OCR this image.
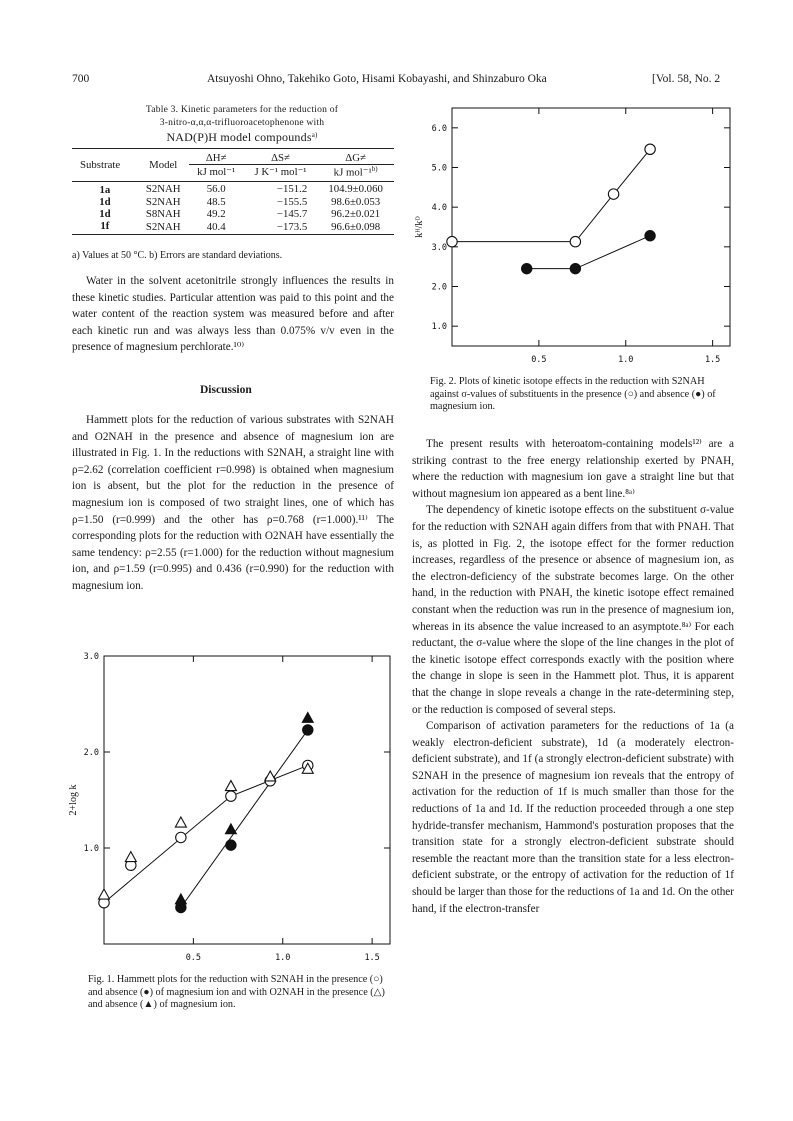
700	Atsuyoshi Ohno, Takehiko Goto, Hisami Kobayashi, and Shinzaburo Oka	[Vol. 58, No. 2
Table 3. Kinetic parameters for the reduction of
3-nitro-α,α,α-trifluoroacetophenone with
NAD(P)H model compounds$^{a)}$
Substrate	Model	ΔH≠	ΔS≠	ΔG≠
		kJ mol⁻¹	J K⁻¹ mol⁻¹	kJ mol⁻¹$^{b)}$
1a	S2NAH	56.0	−151.2	104.9±0.060
1d	S2NAH	48.5	−155.5	98.6±0.053
1d	S8NAH	49.2	−145.7	96.2±0.021
1f	S2NAH	40.4	−173.5	96.6±0.098
a) Values at 50 °C. b) Errors are standard deviations.

Water in the solvent acetonitrile strongly influences the results in these kinetic studies. Particular attention was paid to this point and the water content of the reaction system was measured before and after each kinetic run and was always less than 0.075% v/v even in the presence of magnesium perchlorate.¹⁰⁾

Discussion

Hammett plots for the reduction of various substrates with S2NAH and O2NAH in the presence and absence of magnesium ion are illustrated in Fig. 1. In the reductions with S2NAH, a straight line with ρ=2.62 (correlation coefficient r=0.998) is obtained when magnesium ion is absent, but the plot for the reduction in the presence of magnesium ion is composed of two straight lines, one of which has ρ=1.50 (r=0.999) and the other has ρ=0.768 (r=1.000).¹¹⁾ The corresponding plots for the reduction with O2NAH have essentially the same tendency: ρ=2.55 (r=1.000) for the reduction without magnesium ion, and ρ=1.59 (r=0.995) and 0.436 (r=0.990) for the reduction with magnesium ion.

0.5	1.0	1.5
1.0
2.0
3.0
2+log k
Fig. 1. Hammett plots for the reduction with S2NAH in the presence (○) and absence (●) of magnesium ion and with O2NAH in the presence (△) and absence (▲) of magnesium ion.
0.5	1.0	1.5
1.0
2.0
3.0
4.0
5.0
6.0
kᴴ/kᴰ
Fig. 2. Plots of kinetic isotope effects in the reduction with S2NAH against σ-values of substituents in the presence (○) and absence (●) of magnesium ion.

The present results with heteroatom-containing models¹²⁾ are a striking contrast to the free energy relationship exerted by PNAH, where the reduction with magnesium ion gave a straight line but that without magnesium ion appeared as a bent line.⁸ᵃ⁾

The dependency of kinetic isotope effects on the substituent σ-value for the reduction with S2NAH again differs from that with PNAH. That is, as plotted in Fig. 2, the isotope effect for the former reduction increases, regardless of the presence or absence of magnesium ion, as the electron-deficiency of the substrate becomes large. On the other hand, in the reduction with PNAH, the kinetic isotope effect remained constant when the reduction was run in the presence of magnesium ion, whereas in its absence the value increased to an asymptote.⁸ᵃ⁾ For each reductant, the σ-value where the slope of the line changes in the plot of the kinetic isotope effect corresponds exactly with the position where the change in slope is seen in the Hammett plot. Thus, it is apparent that the change in slope reveals a change in the rate-determining step, or the reduction is composed of several steps.

Comparison of activation parameters for the reductions of 1a (a weakly electron-deficient substrate), 1d (a moderately electron-deficient substrate), and 1f (a strongly electron-deficient substrate) with S2NAH in the presence of magnesium ion reveals that the entropy of activation for the reduction of 1f is much smaller than those for the reductions of 1a and 1d. If the reduction proceeded through a one step hydride-transfer mechanism, Hammond's posturation proposes that the transition state for a strongly electron-deficient substrate should resemble the reactant more than the transition state for a less electron-deficient substrate, or the entropy of activation for the reduction of 1f should be larger than those for the reductions of 1a and 1d. On the other hand, if the electron-transfer
